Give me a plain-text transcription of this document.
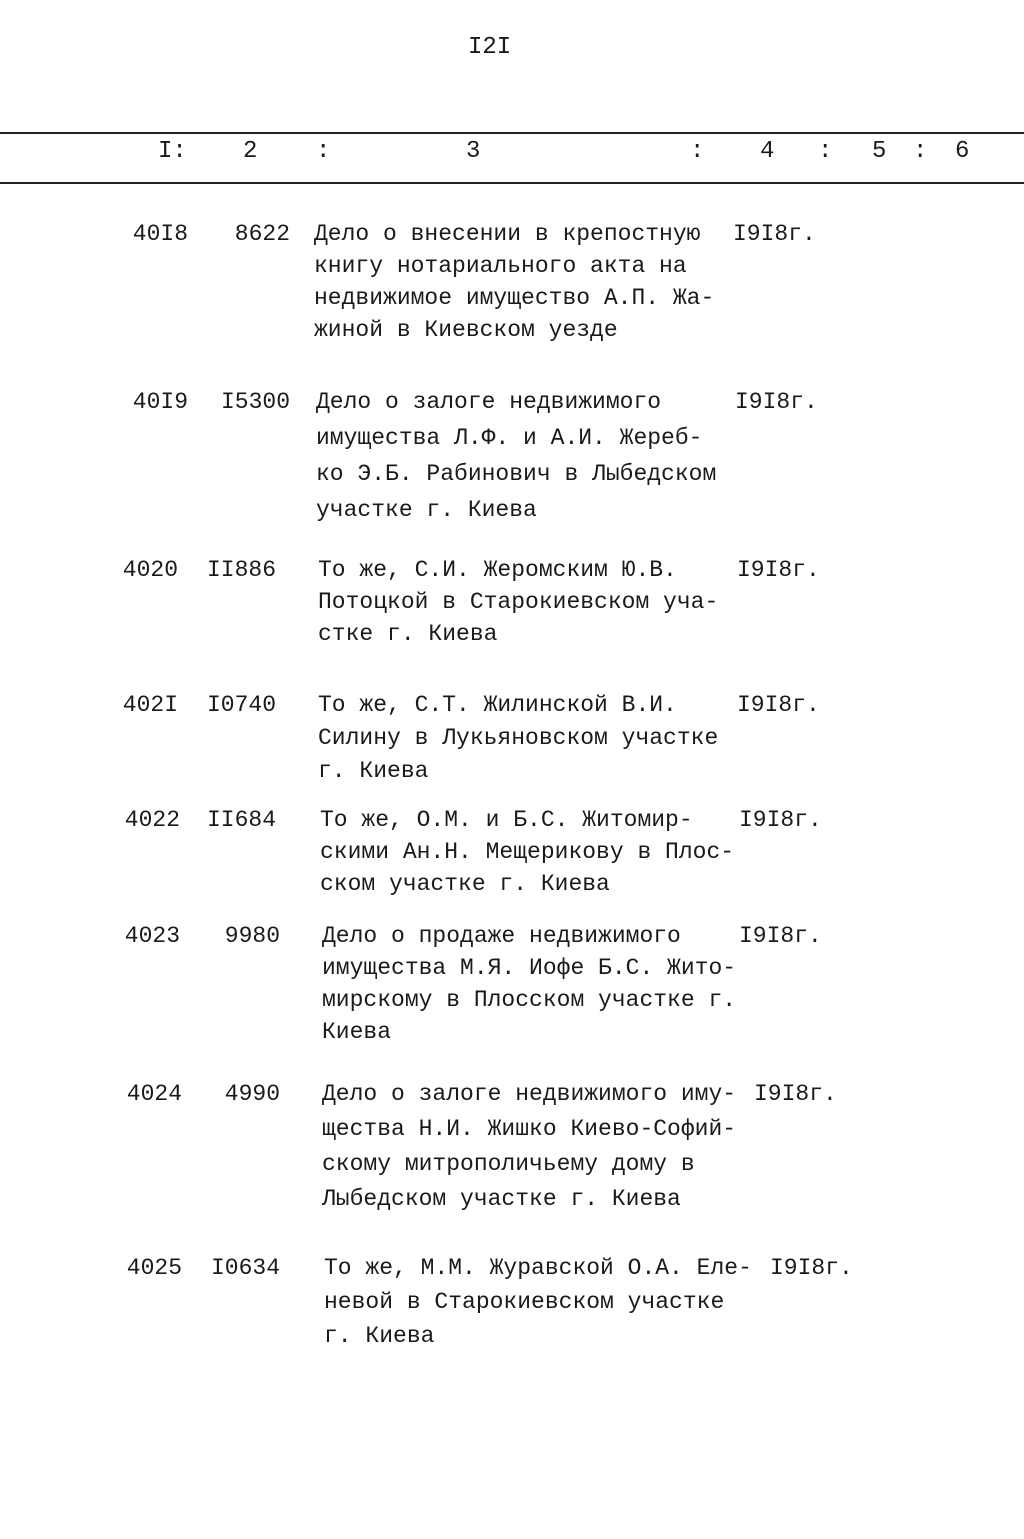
I2I
I: 2 :	3	: 4 : 5 : 6
40I8	8622 Дело о внесении в крепостную
книгу нотариального акта на
недвижимое имущество А.П. Жа-
жиной в Киевском уезде
I9I8г.
40I9	I5300 Дело о залоге недвижимого
имущества Л.Ф. и А.И. Жереб-
ко Э.Б. Рабинович в Лыбедском
участке г. Киева
I9I8г.
4020	II886 То же, С.И. Жеромским Ю.В.
Потоцкой в Старокиевском уча-
стке г. Киева
I9I8г.
402I	I0740 То же, С.Т. Жилинской В.И.
Силину в Лукьяновском участке
г. Киева
I9I8г.
4022	II684 То же, О.М. и Б.С. Житомир-
скими Ан.Н. Мещерикову в Плос-
ском участке г. Киева
I9I8г.
4023	9980 Дело о продаже недвижимого
имущества М.Я. Иофе Б.С. Жито-
мирскому в Плосском участке г.
Киева
I9I8г.
4024	4990 Дело о залоге недвижимого иму-
щества Н.И. Жишко Киево-Софий-
скому митрополичьему дому в
Лыбедском участке г. Киева
I9I8г.
4025	I0634 То же, М.М. Журавской О.А. Еле-
невой в Старокиевском участке
г. Киева
I9I8г.
